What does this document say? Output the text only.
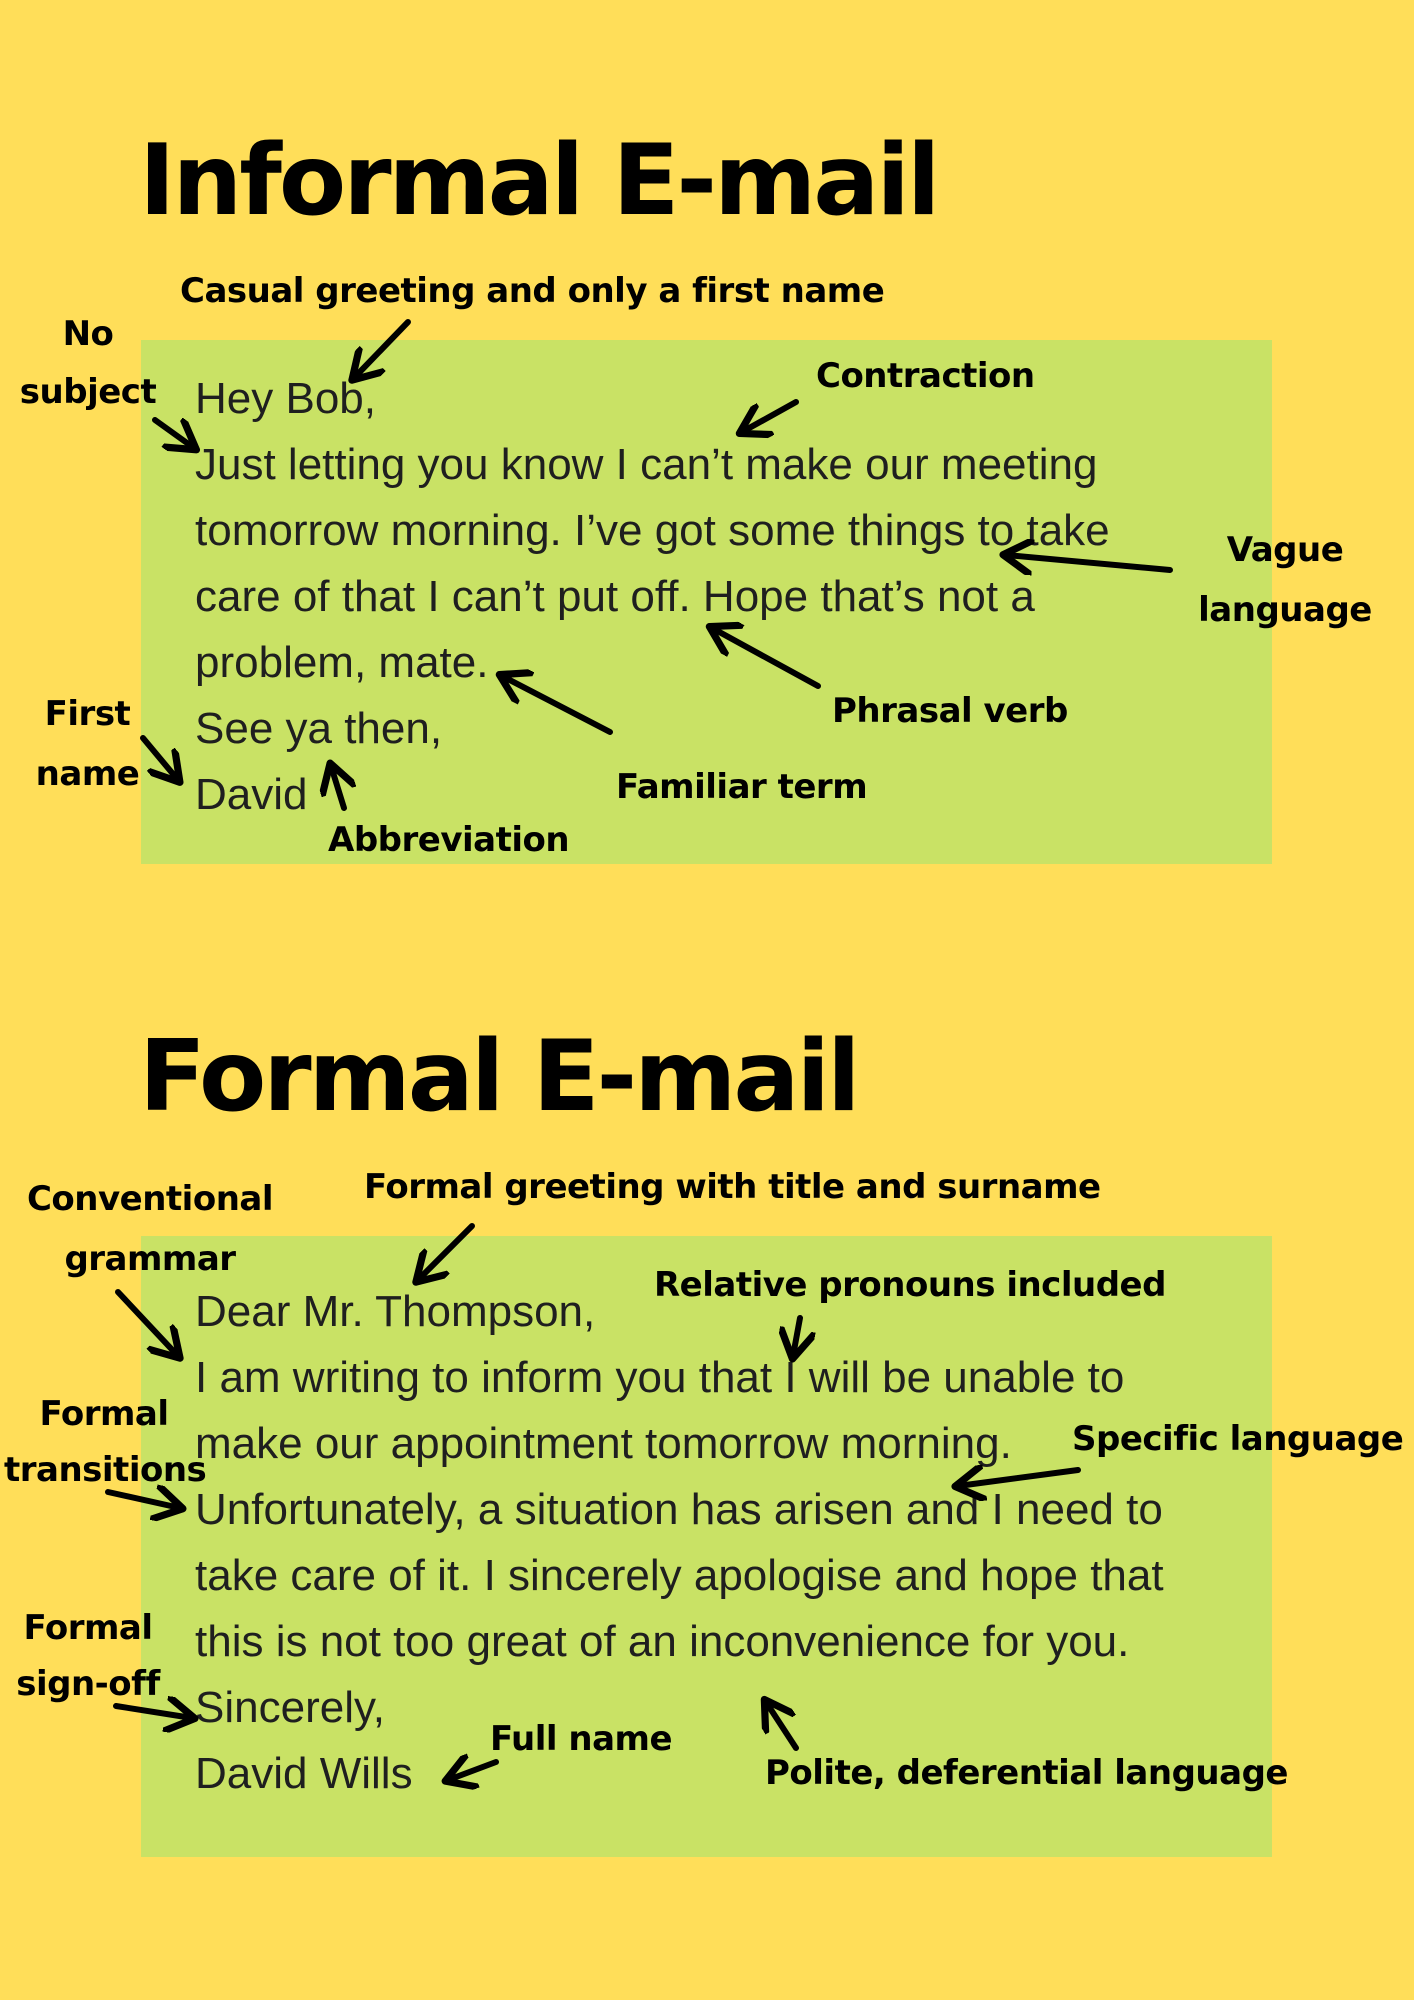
Informal E-mail
Hey Bob,
Just letting you know I can’t make our meeting
tomorrow morning. I’ve got some things to take
care of that I can’t put off. Hope that’s not a
problem, mate.
See ya then,
David
Casual greeting and only a first name
No subject	Contraction
Vague language
Phrasal verb
Familiar term
First name
Abbreviation
Formal E-mail
Dear Mr. Thompson,
I am writing to inform you that I will be unable to
make our appointment tomorrow morning.
Unfortunately, a situation has arisen and I need to
take care of it. I sincerely apologise and hope that
this is not too great of an inconvenience for you.
Sincerely,
David Wills
Conventional grammar
Formal greeting with title and surname
Relative pronouns included
Formal transitions
Specific language
Formal sign-off
Full name
Polite, deferential language
